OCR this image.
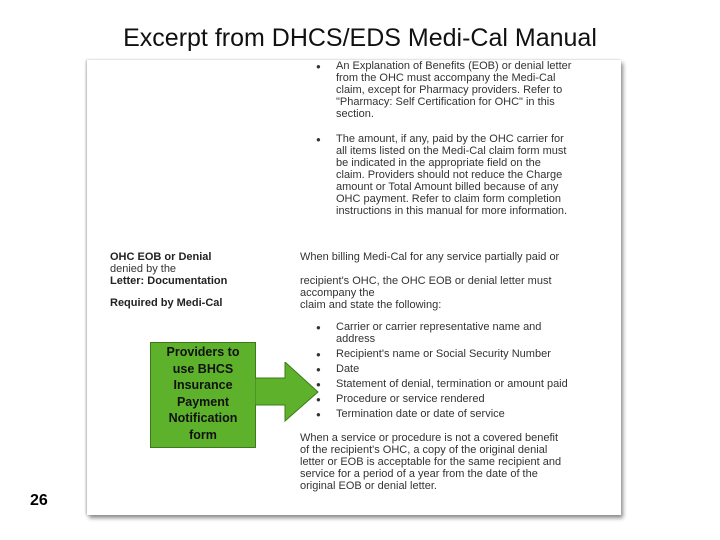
Excerpt from DHCS/EDS Medi-Cal Manual
● An Explanation of Benefits (EOB) or denial letter
from the OHC must accompany the Medi-Cal
claim, except for Pharmacy providers. Refer to
"Pharmacy: Self Certification for OHC" in this
section.
● The amount, if any, paid by the OHC carrier for
all items listed on the Medi-Cal claim form must
be indicated in the appropriate field on the
claim. Providers should not reduce the Charge
amount or Total Amount billed because of any
OHC payment. Refer to claim form completion
instructions in this manual for more information.
OHC EOB or Denial
denied by the
Letter: Documentation
Required by Medi-Cal
When billing Medi-Cal for any service partially paid or
recipient's OHC, the OHC EOB or denial letter must
accompany the
claim and state the following:
● Carrier or carrier representative name and address
● Recipient's name or Social Security Number
● Date
● Statement of denial, termination or amount paid
● Procedure or service rendered
● Termination date or date of service
When a service or procedure is not a covered benefit
of the recipient's OHC, a copy of the original denial
letter or EOB is acceptable for the same recipient and
service for a period of a year from the date of the
original EOB or denial letter.
Providers to
use BHCS
Insurance
Payment
Notification
form
26
